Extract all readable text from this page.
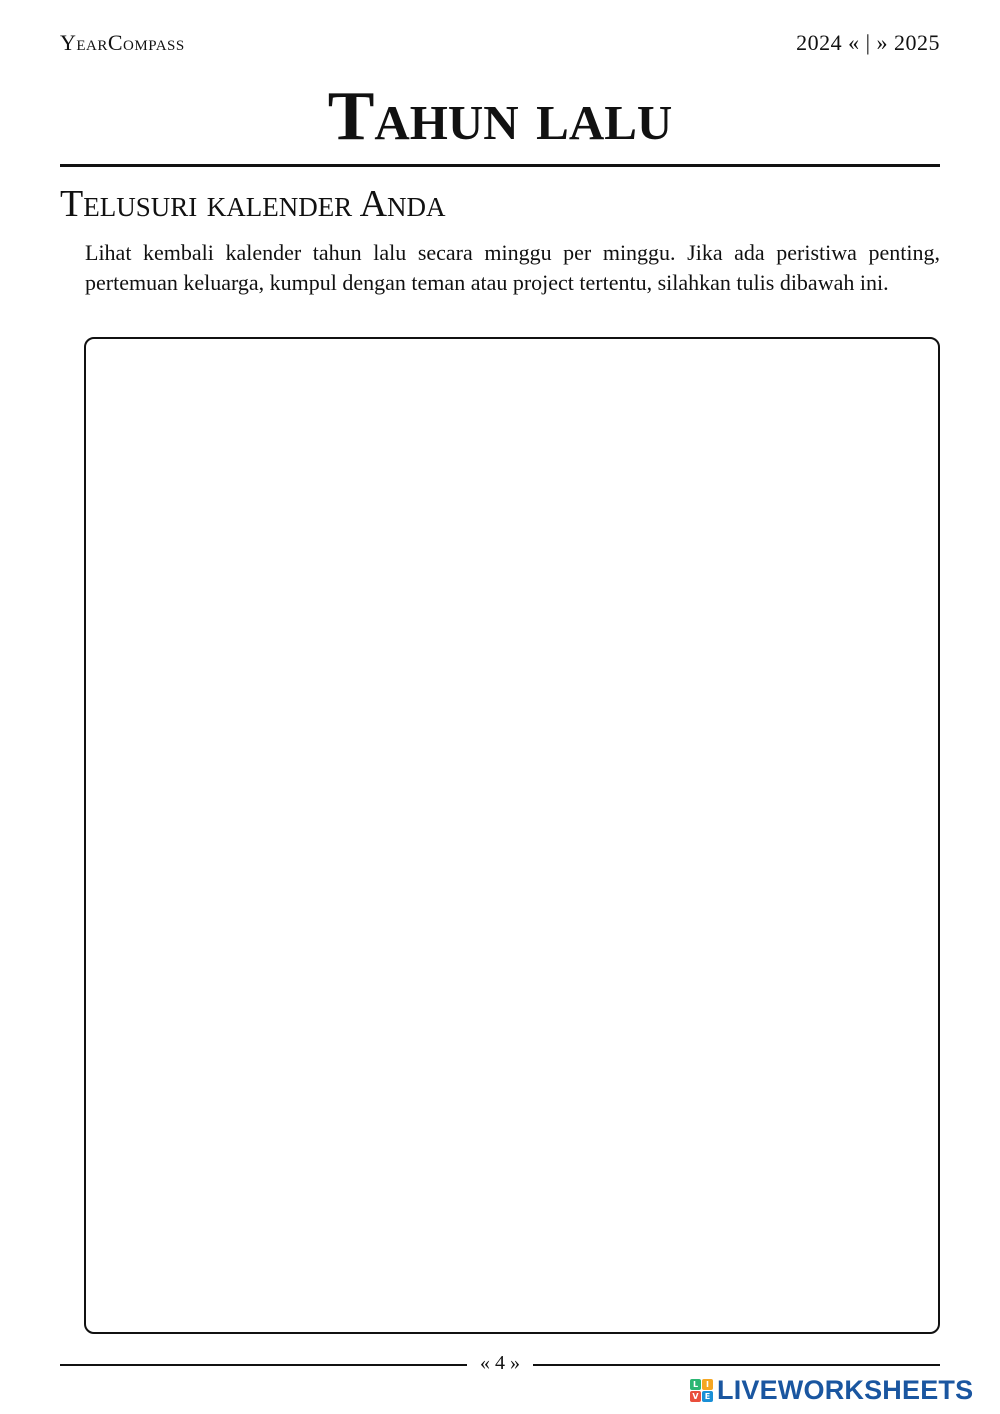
YearCompass	2024 « | » 2025
Tahun lalu
Telusuri kalender Anda

Lihat kembali kalender tahun lalu secara minggu per minggu. Jika ada peristiwa penting, pertemuan keluarga, kumpul dengan teman atau project tertentu, silahkan tulis dibawah ini.

« 4 »
L I
V E LIVEWORKSHEETS
